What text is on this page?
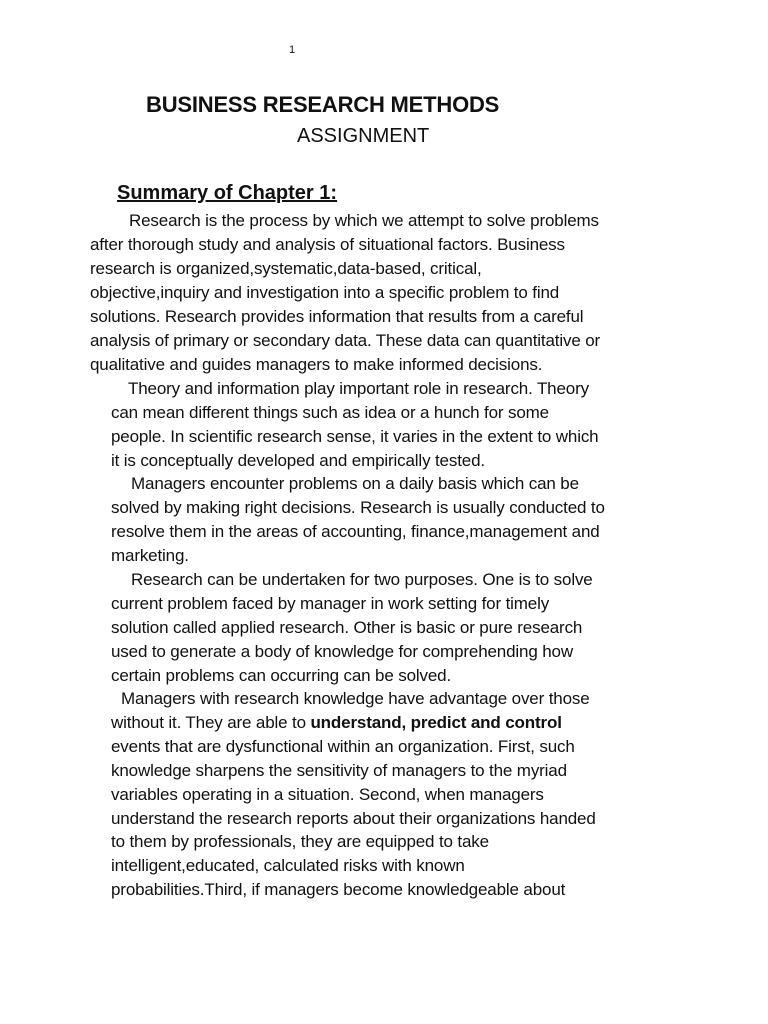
1
BUSINESS RESEARCH METHODS
ASSIGNMENT
Summary of Chapter 1:
Research is the process by which we attempt to solve problems
after thorough study and analysis of situational factors. Business
research is organized,systematic,data-based, critical,
objective,inquiry and investigation into a specific problem to find
solutions. Research provides information that results from a careful
analysis of primary or secondary data. These data can quantitative or
qualitative and guides managers to make informed decisions.
Theory and information play important role in research. Theory
can mean different things such as idea or a hunch for some
people. In scientific research sense, it varies in the extent to which
it is conceptually developed and empirically tested.
Managers encounter problems on a daily basis which can be
solved by making right decisions. Research is usually conducted to
resolve them in the areas of accounting, finance,management and
marketing.
Research can be undertaken for two purposes. One is to solve
current problem faced by manager in work setting for timely
solution called applied research. Other is basic or pure research
used to generate a body of knowledge for comprehending how
certain problems can occurring can be solved.
Managers with research knowledge have advantage over those
without it. They are able to understand, predict and control
events that are dysfunctional within an organization. First, such
knowledge sharpens the sensitivity of managers to the myriad
variables operating in a situation. Second, when managers
understand the research reports about their organizations handed
to them by professionals, they are equipped to take
intelligent,educated, calculated risks with known
probabilities.Third, if managers become knowledgeable about
